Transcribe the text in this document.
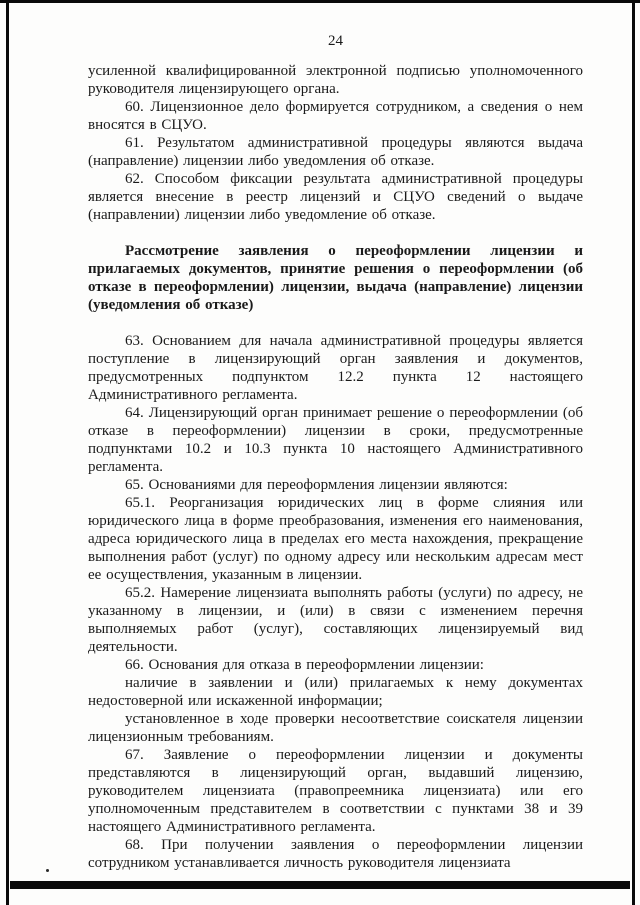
24

усиленной квалифицированной электронной подписью уполномоченного руководителя лицензирующего органа.

60. Лицензионное дело формируется сотрудником, а сведения о нем вносятся в СЦУО.

61. Результатом административной процедуры являются выдача (направление) лицензии либо уведомления об отказе.

62. Способом фиксации результата административной процедуры является внесение в реестр лицензий и СЦУО сведений о выдаче (направлении) лицензии либо уведомление об отказе.

Рассмотрение заявления о переоформлении лицензии и прилагаемых документов, принятие решения о переоформлении (об отказе в переоформлении) лицензии, выдача (направление) лицензии (уведомления об отказе)

63. Основанием для начала административной процедуры является поступление в лицензирующий орган заявления и документов, предусмотренных подпунктом 12.2 пункта 12 настоящего Административного регламента.

64. Лицензирующий орган принимает решение о переоформлении (об отказе в переоформлении) лицензии в сроки, предусмотренные подпунктами 10.2 и 10.3 пункта 10 настоящего Административного регламента.

65. Основаниями для переоформления лицензии являются:

65.1. Реорганизация юридических лиц в форме слияния или юридического лица в форме преобразования, изменения его наименования, адреса юридического лица в пределах его места нахождения, прекращение выполнения работ (услуг) по одному адресу или нескольким адресам мест ее осуществления, указанным в лицензии.

65.2. Намерение лицензиата выполнять работы (услуги) по адресу, не указанному в лицензии, и (или) в связи с изменением перечня выполняемых работ (услуг), составляющих лицензируемый вид деятельности.

66. Основания для отказа в переоформлении лицензии:

наличие в заявлении и (или) прилагаемых к нему документах недостоверной или искаженной информации;

установленное в ходе проверки несоответствие соискателя лицензии лицензионным требованиям.

67. Заявление о переоформлении лицензии и документы представляются в лицензирующий орган, выдавший лицензию, руководителем лицензиата (правопреемника лицензиата) или его уполномоченным представителем в соответствии с пунктами 38 и 39 настоящего Административного регламента.

68. При получении заявления о переоформлении лицензии сотрудником устанавливается личность руководителя лицензиата
